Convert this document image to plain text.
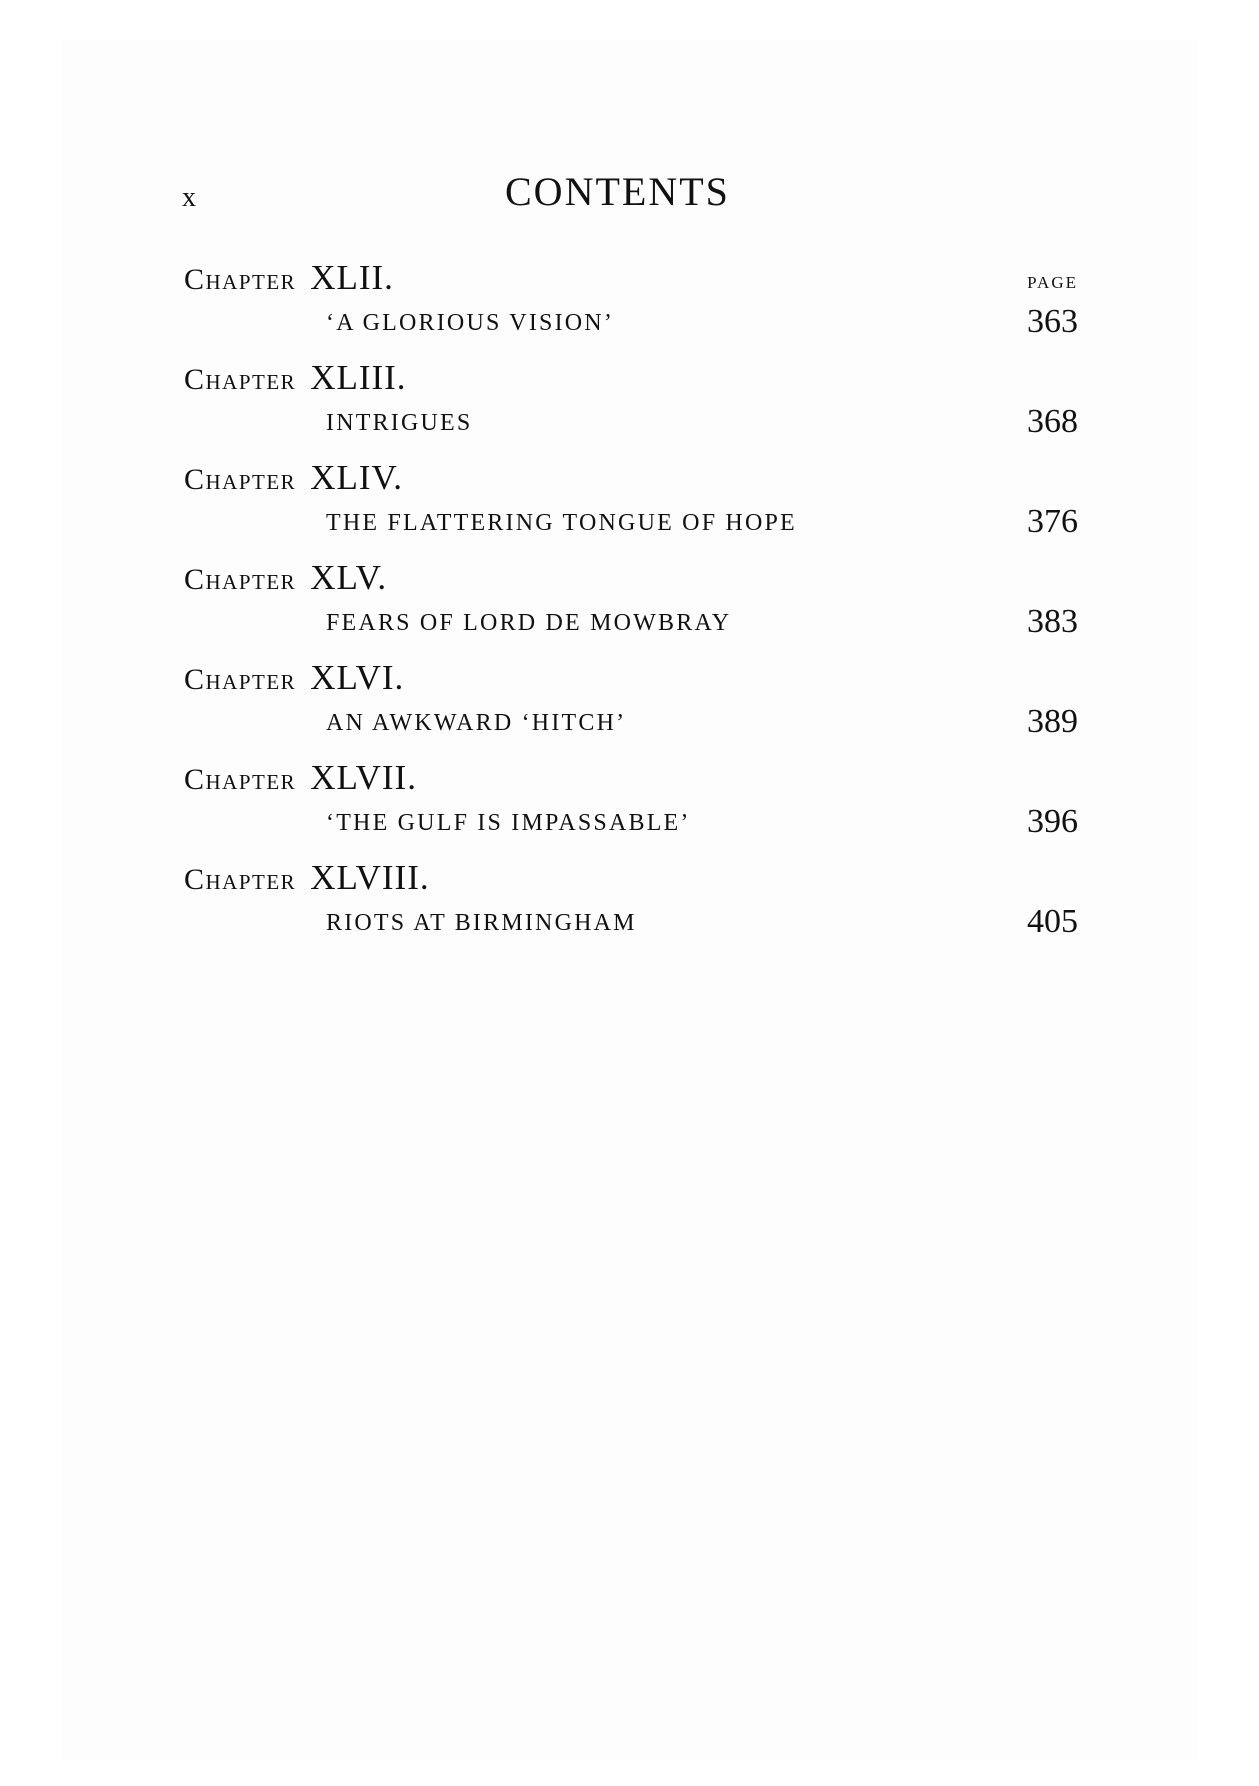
x	CONTENTS
Chapter XLII.	PAGE
‘A GLORIOUS VISION’	363
Chapter XLIII.
INTRIGUES	368
Chapter XLIV.
THE FLATTERING TONGUE OF HOPE	376
Chapter XLV.
FEARS OF LORD DE MOWBRAY	383
Chapter XLVI.
AN AWKWARD ‘HITCH’	389
Chapter XLVII.
‘THE GULF IS IMPASSABLE’	396
Chapter XLVIII.
RIOTS AT BIRMINGHAM	405
